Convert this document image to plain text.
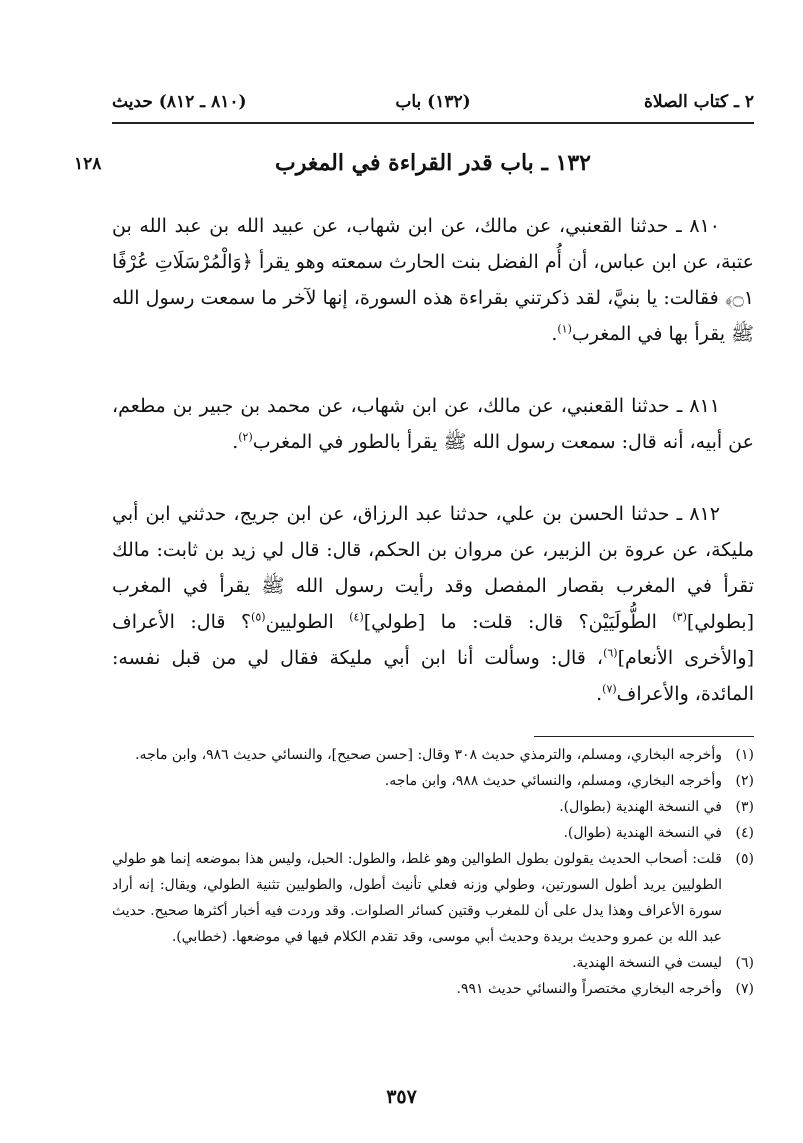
٢ ـ كتاب الصلاة
(١٣٢) باب
(٨١٠ ـ ٨١٢) حديث
١٢٨	١٣٢ ـ باب قدر القراءة في المغرب

٨١٠ ـ حدثنا القعنبي، عن مالك، عن ابن شهاب، عن عبيد الله بن عبد الله بن عتبة، عن ابن عباس، أن أُم الفضل بنت الحارث سمعته وهو يقرأ ﴿وَالْمُرْسَلَاتِ عُرْفًا ۝١﴾ فقالت: يا بنيَّ، لقد ذكرتني بقراءة هذه السورة، إنها لآخر ما سمعت رسول الله ﷺ يقرأ بها في المغرب$^{(١)}$.

٨١١ ـ حدثنا القعنبي، عن مالك، عن ابن شهاب، عن محمد بن جبير بن مطعم، عن أبيه، أنه قال: سمعت رسول الله ﷺ يقرأ بالطور في المغرب$^{(٢)}$.

٨١٢ ـ حدثنا الحسن بن علي، حدثنا عبد الرزاق، عن ابن جريج، حدثني ابن أبي مليكة، عن عروة بن الزبير، عن مروان بن الحكم، قال: قال لي زيد بن ثابت: مالك تقرأ في المغرب بقصار المفصل وقد رأيت رسول الله ﷺ يقرأ في المغرب [بطولي]$^{(٣)}$ الطُّولَيَيْن؟ قال: قلت: ما [طولي]$^{(٤)}$ الطوليين$^{(٥)}$؟ قال: الأعراف [والأخرى الأنعام]$^{(٦)}$، قال: وسألت أنا ابن أبي مليكة فقال لي من قبل نفسه: المائدة، والأعراف$^{(٧)}$.

(١)
وأخرجه البخاري، ومسلم، والترمذي حديث ٣٠٨ وقال: [حسن صحيح]، والنسائي حديث ٩٨٦، وابن ماجه.
(٢)
وأخرجه البخاري، ومسلم، والنسائي حديث ٩٨٨، وابن ماجه.
(٣)
في النسخة الهندية (بطوال).
(٤)
في النسخة الهندية (طوال).
(٥)
قلت: أصحاب الحديث يقولون بطول الطوالين وهو غلط، والطول: الحبل، وليس هذا بموضعه إنما هو طولي الطوليين يريد أطول السورتين، وطولي وزنه فعلي تأنيث أطول، والطوليين تثنية الطولي، ويقال: إنه أراد سورة الأعراف وهذا يدل على أن للمغرب وقتين كسائر الصلوات. وقد وردت فيه أخبار أكثرها صحيح. حديث عبد الله بن عمرو وحديث بريدة وحديث أبي موسى، وقد تقدم الكلام فيها في موضعها. (خطابي).
(٦)
ليست في النسخة الهندية.
(٧)
وأخرجه البخاري مختصراً والنسائي حديث ٩٩١.
٣٥٧
